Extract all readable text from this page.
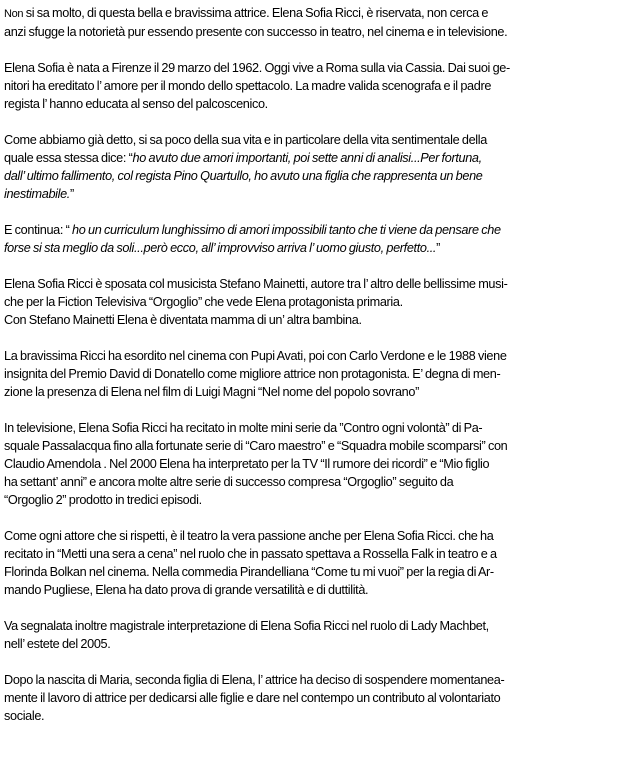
Non si sa molto, di questa bella e bravissima attrice. Elena Sofia Ricci, è riservata, non cerca e
anzi sfugge la notorietà pur essendo presente con successo in teatro, nel cinema e in televisione.

Elena Sofia è nata a Firenze il 29 marzo del 1962. Oggi vive a Roma sulla via Cassia. Dai suoi ge-
nitori ha ereditato l’ amore per il mondo dello spettacolo. La madre valida scenografa e il padre
regista l’ hanno educata al senso del palcoscenico.

Come abbiamo già detto, si sa poco della sua vita e in particolare della vita sentimentale della
quale essa stessa dice: “ho avuto due amori importanti, poi sette anni di analisi...Per fortuna,
dall’ ultimo fallimento, col regista Pino Quartullo, ho avuto una figlia che rappresenta un bene
inestimabile.”

E continua: “ ho un curriculum lunghissimo di amori impossibili tanto che ti viene da pensare che
forse si sta meglio da soli...però ecco, all’ improvviso arriva l’ uomo giusto, perfetto...”

Elena Sofia Ricci è sposata col musicista Stefano Mainetti, autore tra l’ altro delle bellissime musi-
che per la Fiction Televisiva “Orgoglio” che vede Elena protagonista primaria.
Con Stefano Mainetti Elena è diventata mamma di un’ altra bambina.

La bravissima Ricci ha esordito nel cinema con Pupi Avati, poi con Carlo Verdone e le 1988 viene
insignita del Premio David di Donatello come migliore attrice non protagonista. E’ degna di men-
zione la presenza di Elena nel film di Luigi Magni “Nel nome del popolo sovrano”

In televisione, Elena Sofia Ricci ha recitato in molte mini serie da ”Contro ogni volontà” di Pa-
squale Passalacqua fino alla fortunate serie di “Caro maestro” e “Squadra mobile scomparsi” con
Claudio Amendola . Nel 2000 Elena ha interpretato per la TV “Il rumore dei ricordi” e “Mio figlio
ha settant’ anni” e ancora molte altre serie di successo compresa “Orgoglio” seguito da
“Orgoglio 2” prodotto in tredici episodi.

Come ogni attore che si rispetti, è il teatro la vera passione anche per Elena Sofia Ricci. che ha
recitato in “Metti una sera a cena” nel ruolo che in passato spettava a Rossella Falk in teatro e a
Florinda Bolkan nel cinema. Nella commedia Pirandelliana “Come tu mi vuoi” per la regia di Ar-
mando Pugliese, Elena ha dato prova di grande versatilità e di duttilità.

Va segnalata inoltre magistrale interpretazione di Elena Sofia Ricci nel ruolo di Lady Machbet,
nell’ estete del 2005.

Dopo la nascita di Maria, seconda figlia di Elena, l’ attrice ha deciso di sospendere momentanea-
mente il lavoro di attrice per dedicarsi alle figlie e dare nel contempo un contributo al volontariato
sociale.
